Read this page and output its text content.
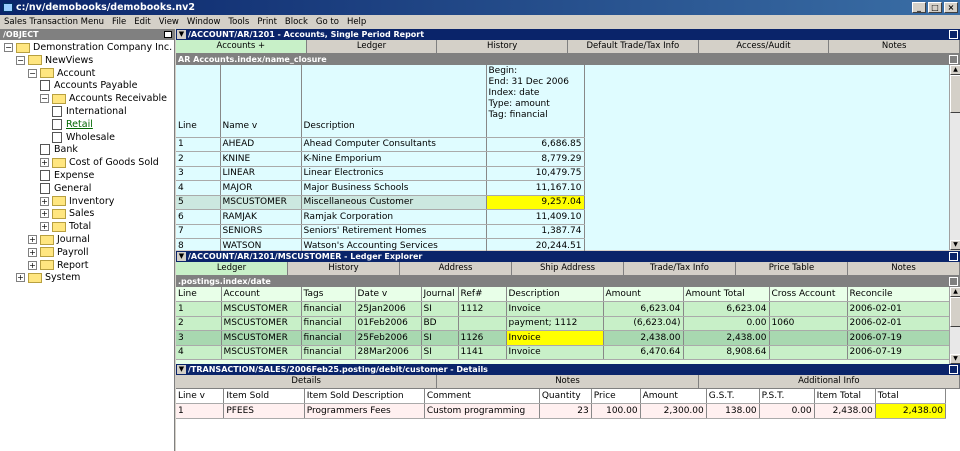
c:/nv/demobooks/demobooks.nv2	_	□	×
Sales Transaction Menu File Edit View Window Tools Print Block Go to Help
/OBJECT
− Demonstration Company Inc.
− NewViews
− Account
Accounts Payable
− Accounts Receivable
International
Retail
Wholesale
Bank
+ Cost of Goods Sold
Expense
General
+ Inventory
+ Sales
+ Total
+ Journal
+ Payroll
+ Report
+ System
▼ /ACCOUNT/AR/1201 - Accounts, Single Period Report
Accounts +	Ledger	History	Default Trade/Tax Info	Access/Audit	Notes
AR Accounts.index/name_closure
Line	Name v	Description	Begin:
End: 31 Dec 2006
Index: date
Type: amount
Tag: financial

1	AHEAD	Ahead Computer Consultants	6,686.85
2	KNINE	K-Nine Emporium	8,779.29
3	LINEAR	Linear Electronics	10,479.75
4	MAJOR	Major Business Schools	11,167.10
5	MSCUSTOMER	Miscellaneous Customer	9,257.04
6	RAMJAK	Ramjak Corporation	11,409.10
7	SENIORS	Seniors' Retirement Homes	1,387.74
8	WATSON	Watson's Accounting Services	20,244.51
▲
▼
▼ /ACCOUNT/AR/1201/MSCUSTOMER - Ledger Explorer
Ledger	History	Address	Ship Address	Trade/Tax Info	Price Table	Notes
.postings.index/date
Line	Account	Tags	Date v	Journal	Ref#	Description	Amount	Amount Total	Cross Account	Reconcile
1	MSCUSTOMER	financial	25Jan2006	SI	1112	Invoice	6,623.04	6,623.04		2006-02-01
2	MSCUSTOMER	financial	01Feb2006	BD		payment; 1112	(6,623.04)	0.00	1060	2006-02-01
3	MSCUSTOMER	financial	25Feb2006	SI	1126	Invoice	2,438.00	2,438.00		2006-07-19
4	MSCUSTOMER	financial	28Mar2006	SI	1141	Invoice	6,470.64	8,908.64		2006-07-19
▲
▼
▼ /TRANSACTION/SALES/2006Feb25.posting/debit/customer - Details
Details	Notes	Additional Info
Line v	Item Sold	Item Sold Description	Comment	Quantity	Price	Amount	G.S.T.	P.S.T.	Item Total	Total
1	PFEES	Programmers Fees	Custom programming	23	100.00	2,300.00	138.00	0.00	2,438.00	2,438.00
